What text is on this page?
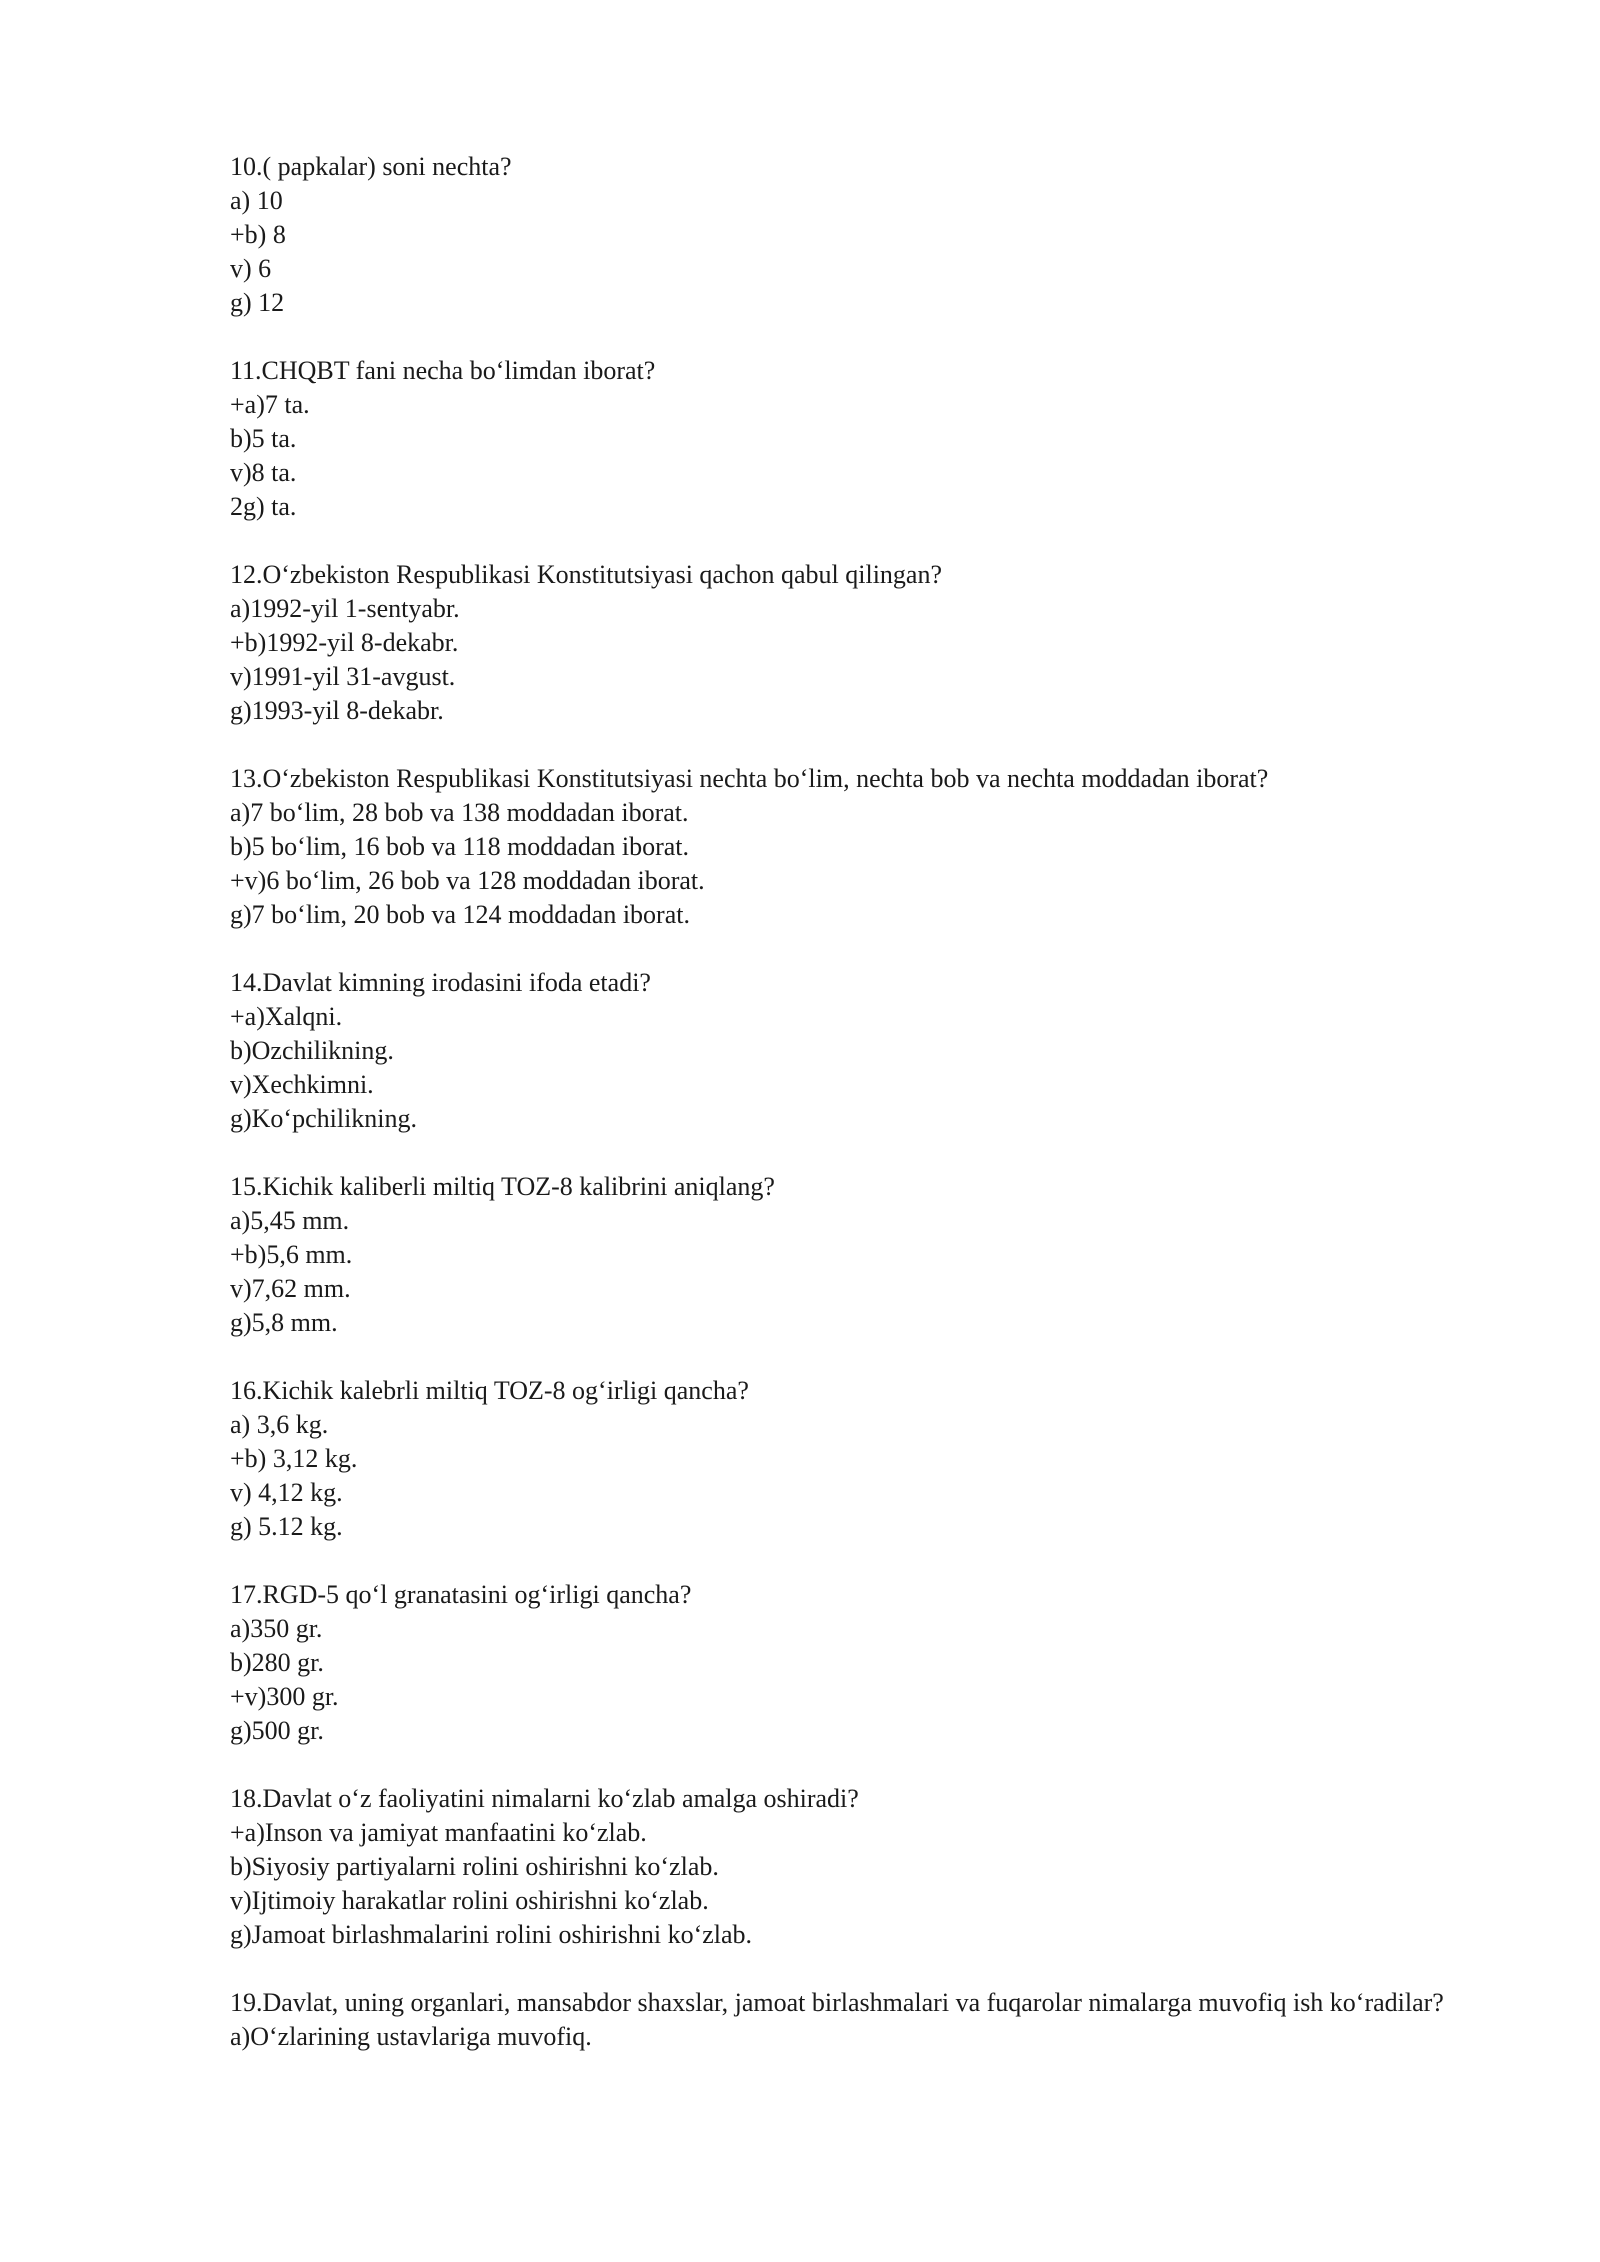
10.( papkalar) soni nechta?

a) 10

+b) 8

v) 6

g) 12

11.CHQBT fani necha bo‘limdan iborat?

+a)7 ta.

b)5 ta.

v)8 ta.

2g) ta.

12.O‘zbekiston Respublikasi Konstitutsiyasi qachon qabul qilingan?

a)1992-yil 1-sentyabr.

+b)1992-yil 8-dekabr.

v)1991-yil 31-avgust.

g)1993-yil 8-dekabr.

13.O‘zbekiston Respublikasi Konstitutsiyasi nechta bo‘lim, nechta bob va nechta moddadan iborat?

a)7 bo‘lim, 28 bob va 138 moddadan iborat.

b)5 bo‘lim, 16 bob va 118 moddadan iborat.

+v)6 bo‘lim, 26 bob va 128 moddadan iborat.

g)7 bo‘lim, 20 bob va 124 moddadan iborat.

14.Davlat kimning irodasini ifoda etadi?

+a)Xalqni.

b)Ozchilikning.

v)Xechkimni.

g)Ko‘pchilikning.

15.Kichik kaliberli miltiq TOZ-8 kalibrini aniqlang?

a)5,45 mm.

+b)5,6 mm.

v)7,62 mm.

g)5,8 mm.

16.Kichik kalebrli miltiq TOZ-8 og‘irligi qancha?

a) 3,6 kg.

+b) 3,12 kg.

v) 4,12 kg.

g) 5.12 kg.

17.RGD-5 qo‘l granatasini og‘irligi qancha?

a)350 gr.

b)280 gr.

+v)300 gr.

g)500 gr.

18.Davlat o‘z faoliyatini nimalarni ko‘zlab amalga oshiradi?

+a)Inson va jamiyat manfaatini ko‘zlab.

b)Siyosiy partiyalarni rolini oshirishni ko‘zlab.

v)Ijtimoiy harakatlar rolini oshirishni ko‘zlab.

g)Jamoat birlashmalarini rolini oshirishni ko‘zlab.

19.Davlat, uning organlari, mansabdor shaxslar, jamoat birlashmalari va fuqarolar nimalarga muvofiq ish ko‘radilar?

a)O‘zlarining ustavlariga muvofiq.
